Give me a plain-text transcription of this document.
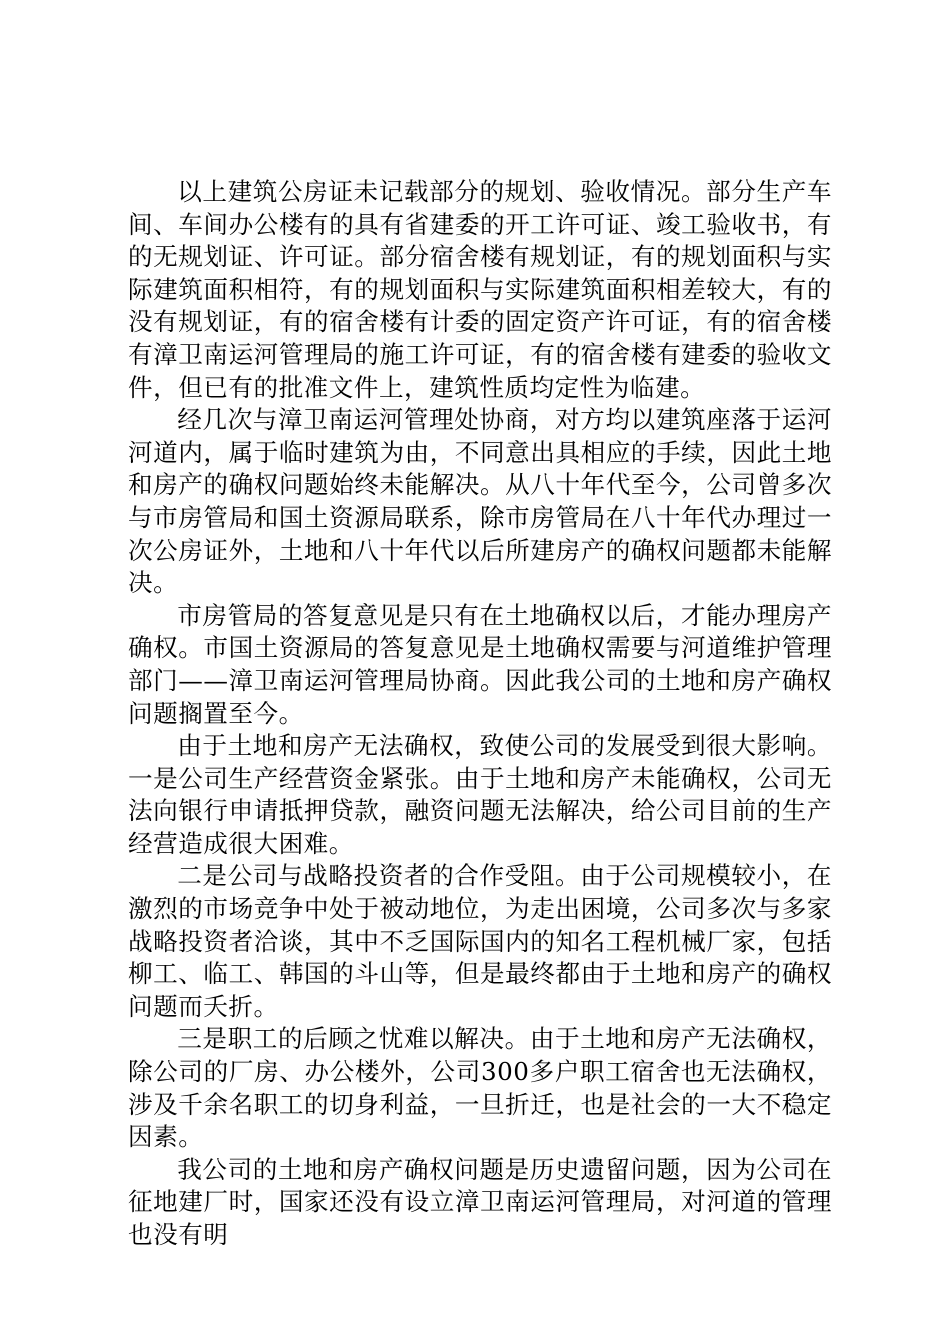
以上建筑公房证未记载部分的规划、验收情况。部分生产车间、车间办公楼有的具有省建委的开工许可证、竣工验收书，有的无规划证、许可证。部分宿舍楼有规划证，有的规划面积与实际建筑面积相符，有的规划面积与实际建筑面积相差较大，有的没有规划证，有的宿舍楼有计委的固定资产许可证，有的宿舍楼有漳卫南运河管理局的施工许可证，有的宿舍楼有建委的验收文件，但已有的批准文件上，建筑性质均定性为临建。

经几次与漳卫南运河管理处协商，对方均以建筑座落于运河河道内，属于临时建筑为由，不同意出具相应的手续，因此土地和房产的确权问题始终未能解决。从八十年代至今，公司曾多次与市房管局和国土资源局联系，除市房管局在八十年代办理过一次公房证外，土地和八十年代以后所建房产的确权问题都未能解决。

市房管局的答复意见是只有在土地确权以后，才能办理房产确权。市国土资源局的答复意见是土地确权需要与河道维护管理部门——漳卫南运河管理局协商。因此我公司的土地和房产确权问题搁置至今。

由于土地和房产无法确权，致使公司的发展受到很大影响。一是公司生产经营资金紧张。由于土地和房产未能确权，公司无法向银行申请抵押贷款，融资问题无法解决，给公司目前的生产经营造成很大困难。

二是公司与战略投资者的合作受阻。由于公司规模较小，在激烈的市场竞争中处于被动地位，为走出困境，公司多次与多家战略投资者洽谈，其中不乏国际国内的知名工程机械厂家，包括柳工、临工、韩国的斗山等，但是最终都由于土地和房产的确权问题而夭折。

三是职工的后顾之忧难以解决。由于土地和房产无法确权，除公司的厂房、办公楼外，公司300多户职工宿舍也无法确权，涉及千余名职工的切身利益，一旦折迁，也是社会的一大不稳定因素。

我公司的土地和房产确权问题是历史遗留问题，因为公司在征地建厂时，国家还没有设立漳卫南运河管理局，对河道的管理也没有明
